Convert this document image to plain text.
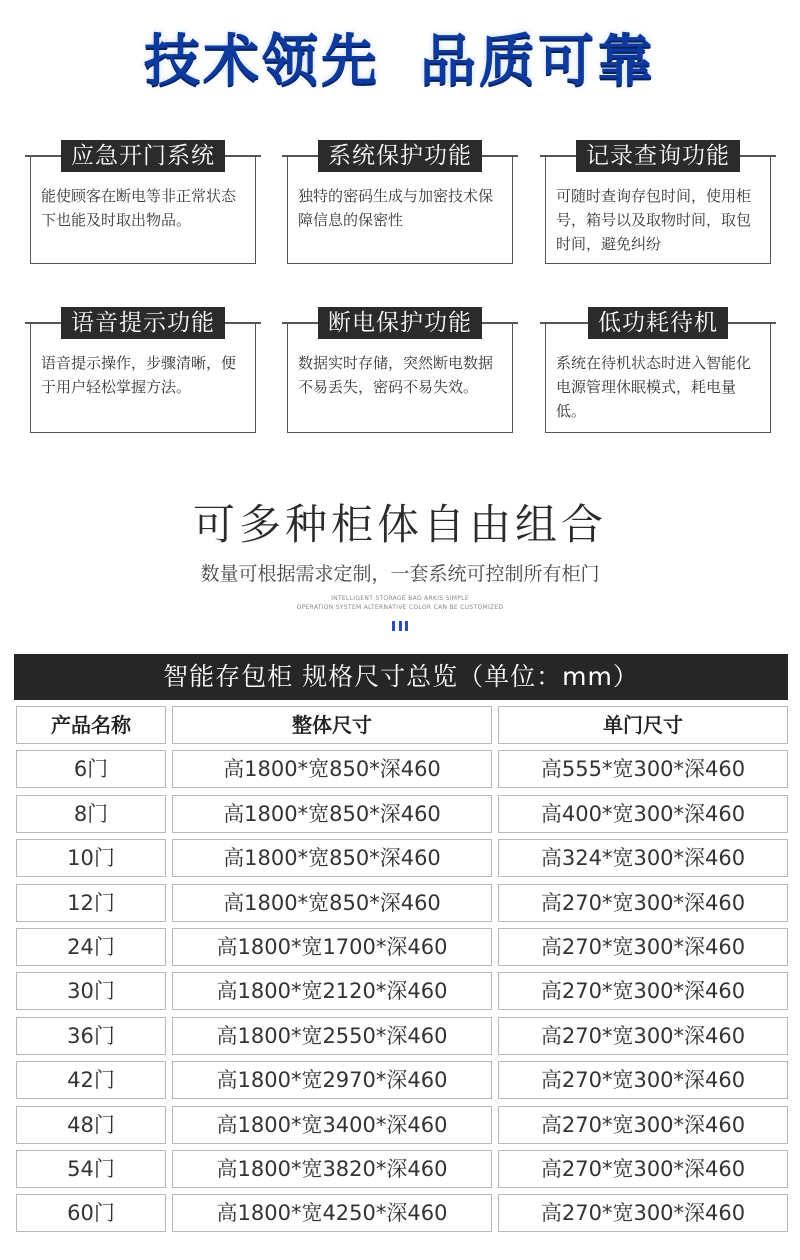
技术领先 品质可靠
应急开门系统
能使顾客在断电等非正常状态下也能及时取出物品。
系统保护功能
独特的密码生成与加密技术保障信息的保密性
记录查询功能
可随时查询存包时间，使用柜号，箱号以及取物时间，取包时间，避免纠纷
语音提示功能
语音提示操作，步骤清晰，便于用户轻松掌握方法。
断电保护功能
数据实时存储，突然断电数据不易丢失，密码不易失效。
低功耗待机
系统在待机状态时进入智能化电源管理休眠模式，耗电量低。
可多种柜体自由组合
数量可根据需求定制，一套系统可控制所有柜门
INTELLIGENT STORAGE BAG ARKIS SIMPLE
OPERATION SYSTEM ALTERNATIVE COLOR CAN BE CUSTOMIZED
智能存包柜 规格尺寸总览（单位：mm）
产品名称	整体尺寸	单门尺寸
6门	高1800*宽850*深460	高555*宽300*深460
8门	高1800*宽850*深460	高400*宽300*深460
10门	高1800*宽850*深460	高324*宽300*深460
12门	高1800*宽850*深460	高270*宽300*深460
24门	高1800*宽1700*深460	高270*宽300*深460
30门	高1800*宽2120*深460	高270*宽300*深460
36门	高1800*宽2550*深460	高270*宽300*深460
42门	高1800*宽2970*深460	高270*宽300*深460
48门	高1800*宽3400*深460	高270*宽300*深460
54门	高1800*宽3820*深460	高270*宽300*深460
60门	高1800*宽4250*深460	高270*宽300*深460
